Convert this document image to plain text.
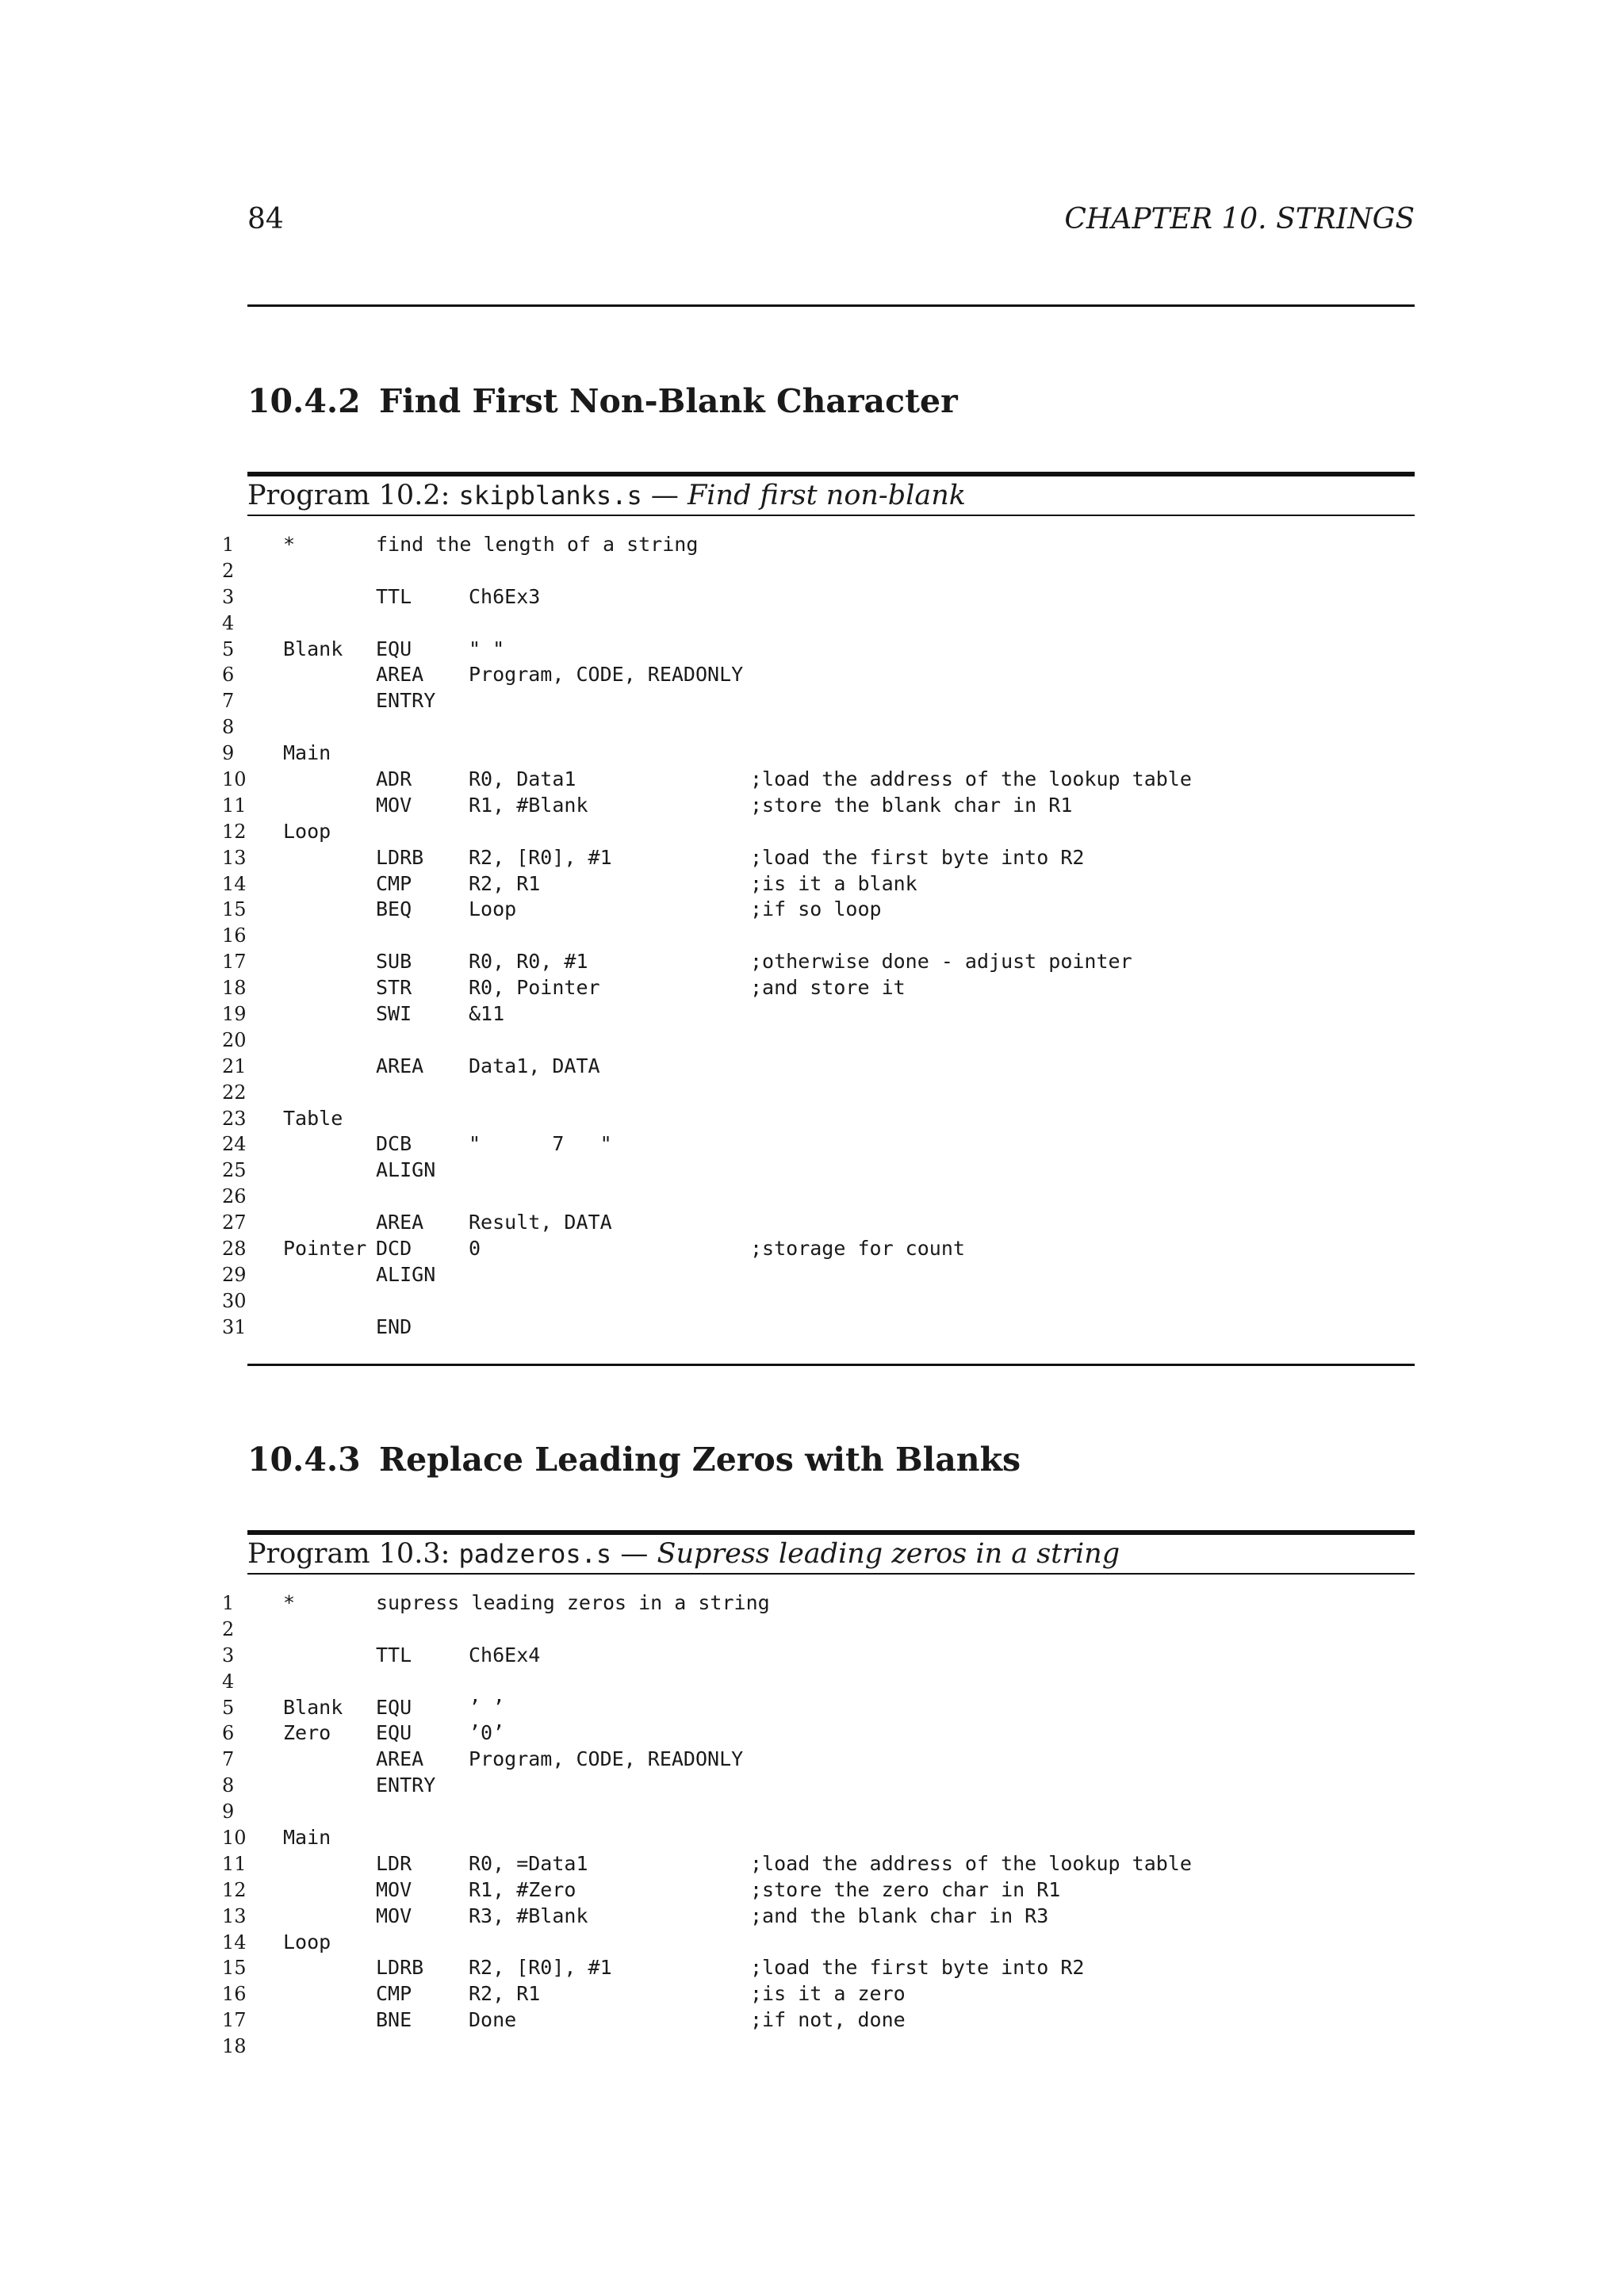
84	CHAPTER 10. STRINGS
10.4.2 Find First Non-Blank Character
Program 10.2: skipblanks.s — Find first non-blank
1	*	find the length of a string
2
3	TTL	Ch6Ex3
4
5	Blank EQU	" "
6	AREA Program, CODE, READONLY
7	ENTRY
8
9	Main
10	ADR	R0, Data1	;load the address of the lookup table
11	MOV	R1, #Blank	;store the blank char in R1
12	Loop
13	LDRB R2, [R0], #1	;load the first byte into R2
14	CMP	R2, R1	;is it a blank
15	BEQ	Loop	;if so loop
16
17	SUB	R0, R0, #1	;otherwise done - adjust pointer
18	STR	R0, Pointer	;and store it
19	SWI	&11
20
21	AREA Data1, DATA
22
23	Table
24	DCB	"      7   "
25	ALIGN
26
27	AREA Result, DATA
28	Pointer DCD	0	;storage for count
29	ALIGN
30
31	END
10.4.3 Replace Leading Zeros with Blanks
Program 10.3: padzeros.s — Supress leading zeros in a string
1	*	supress leading zeros in a string
2
3	TTL	Ch6Ex4
4
5	Blank EQU	’ ’
6	Zero EQU	’0’
7	AREA Program, CODE, READONLY
8	ENTRY
9
10	Main
11	LDR	R0, =Data1	;load the address of the lookup table
12	MOV	R1, #Zero	;store the zero char in R1
13	MOV	R3, #Blank	;and the blank char in R3
14	Loop
15	LDRB R2, [R0], #1	;load the first byte into R2
16	CMP	R2, R1	;is it a zero
17	BNE	Done	;if not, done
18
